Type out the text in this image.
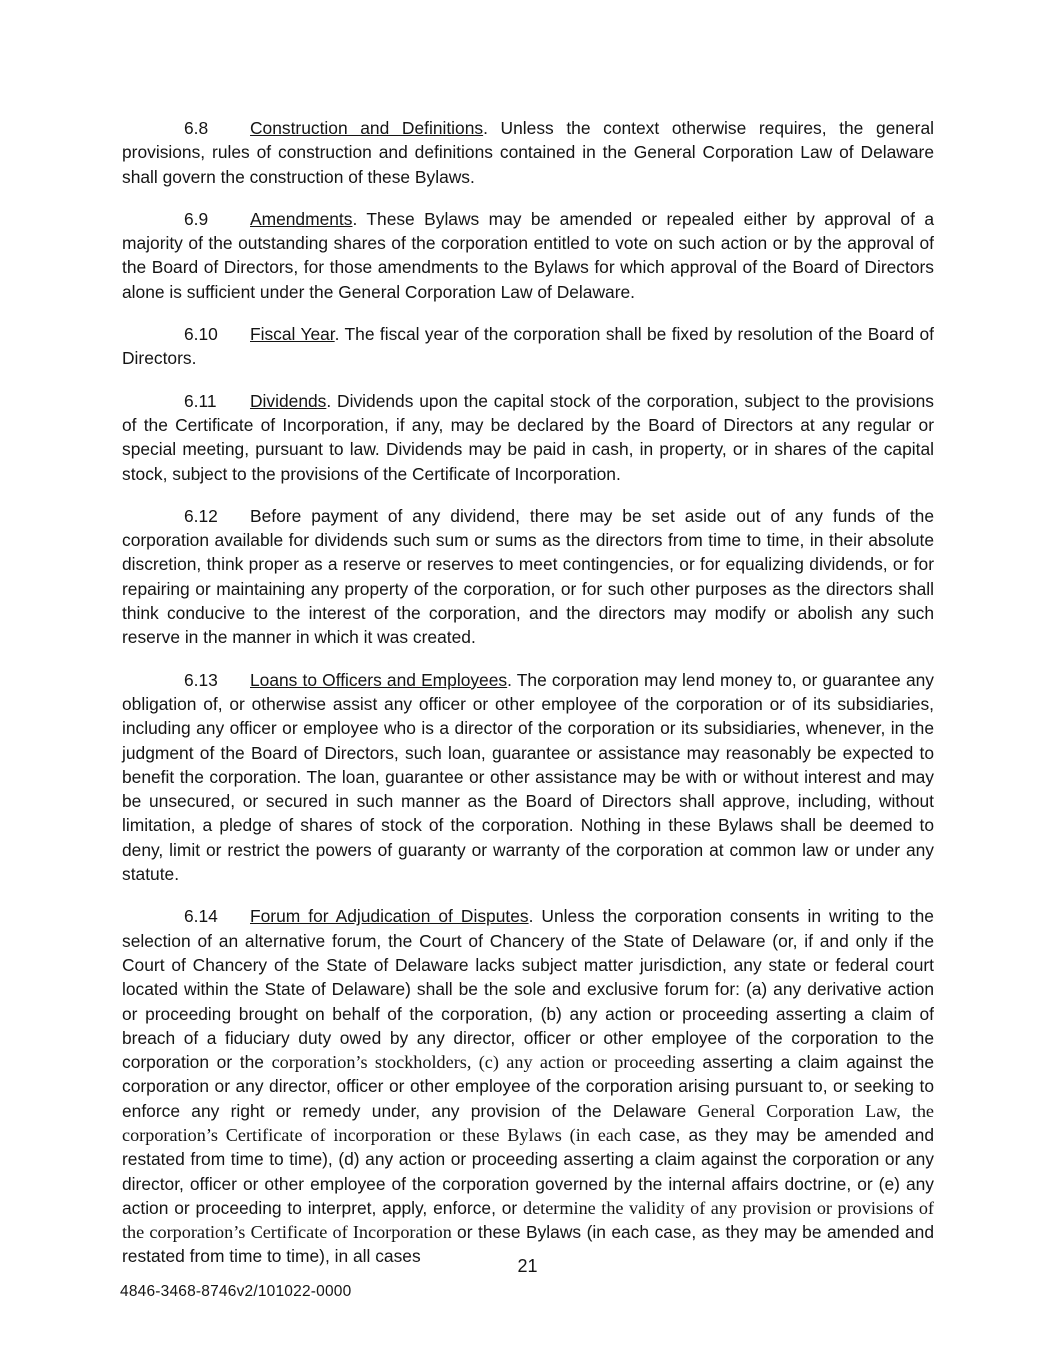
6.8 Construction and Definitions. Unless the context otherwise requires, the general provisions, rules of construction and definitions contained in the General Corporation Law of Delaware shall govern the construction of these Bylaws.

6.9 Amendments. These Bylaws may be amended or repealed either by approval of a majority of the outstanding shares of the corporation entitled to vote on such action or by the approval of the Board of Directors, for those amendments to the Bylaws for which approval of the Board of Directors alone is sufficient under the General Corporation Law of Delaware.

6.10 Fiscal Year. The fiscal year of the corporation shall be fixed by resolution of the Board of Directors.

6.11 Dividends. Dividends upon the capital stock of the corporation, subject to the provisions of the Certificate of Incorporation, if any, may be declared by the Board of Directors at any regular or special meeting, pursuant to law. Dividends may be paid in cash, in property, or in shares of the capital stock, subject to the provisions of the Certificate of Incorporation.

6.12 Before payment of any dividend, there may be set aside out of any funds of the corporation available for dividends such sum or sums as the directors from time to time, in their absolute discretion, think proper as a reserve or reserves to meet contingencies, or for equalizing dividends, or for repairing or maintaining any property of the corporation, or for such other purposes as the directors shall think conducive to the interest of the corporation, and the directors may modify or abolish any such reserve in the manner in which it was created.

6.13 Loans to Officers and Employees. The corporation may lend money to, or guarantee any obligation of, or otherwise assist any officer or other employee of the corporation or of its subsidiaries, including any officer or employee who is a director of the corporation or its subsidiaries, whenever, in the judgment of the Board of Directors, such loan, guarantee or assistance may reasonably be expected to benefit the corporation. The loan, guarantee or other assistance may be with or without interest and may be unsecured, or secured in such manner as the Board of Directors shall approve, including, without limitation, a pledge of shares of stock of the corporation. Nothing in these Bylaws shall be deemed to deny, limit or restrict the powers of guaranty or warranty of the corporation at common law or under any statute.

6.14 Forum for Adjudication of Disputes. Unless the corporation consents in writing to the selection of an alternative forum, the Court of Chancery of the State of Delaware (or, if and only if the Court of Chancery of the State of Delaware lacks subject matter jurisdiction, any state or federal court located within the State of Delaware) shall be the sole and exclusive forum for: (a) any derivative action or proceeding brought on behalf of the corporation, (b) any action or proceeding asserting a claim of breach of a fiduciary duty owed by any director, officer or other employee of the corporation to the corporation or the corporation’s stockholders, (c) any action or proceeding asserting a claim against the corporation or any director, officer or other employee of the corporation arising pursuant to, or seeking to enforce any right or remedy under, any provision of the Delaware General Corporation Law, the corporation’s Certificate of incorporation or these Bylaws (in each case, as they may be amended and restated from time to time), (d) any action or proceeding asserting a claim against the corporation or any director, officer or other employee of the corporation governed by the internal affairs doctrine, or (e) any action or proceeding to interpret, apply, enforce, or determine the validity of any provision or provisions of the corporation’s Certificate of Incorporation or these Bylaws (in each case, as they may be amended and restated from time to time), in all cases	21
4846-3468-8746v2/101022-0000
